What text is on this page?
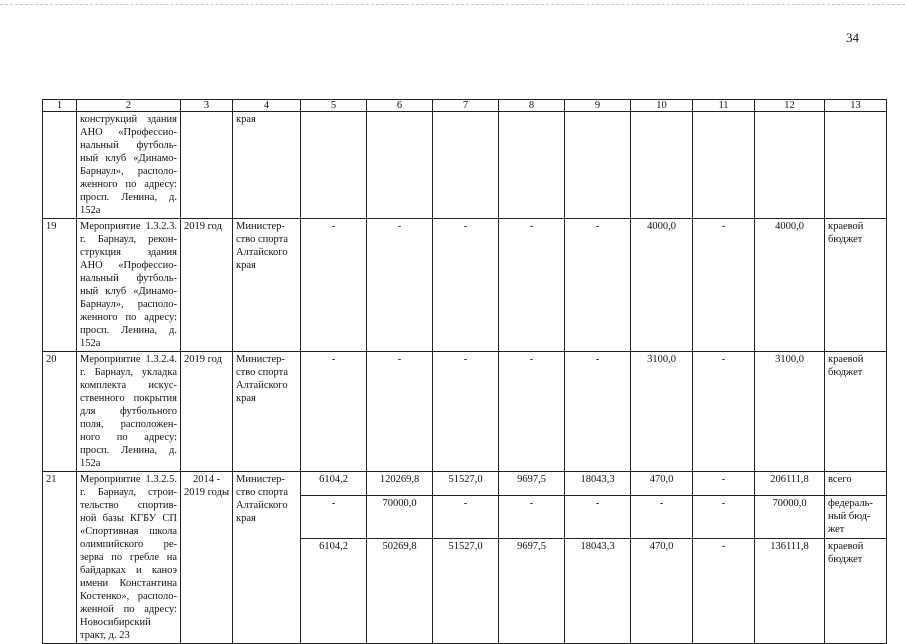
34
1	2	3	4	5	6	7	8	9	10	11	12	13
	конструкций здания АНО «Профессио-нальный футболь-ный клуб «Динамо-Барнаул», располо-женного по адресу: просп. Ленина, д. 152а		края									
19	Мероприятие 1.3.2.3. г. Барнаул, рекон-струкция здания АНО «Профессио-нальный футболь-ный клуб «Динамо-Барнаул», располо-женного по адресу: просп. Ленина, д. 152а	2019 год	Министер-ство спорта Алтайского края	-	-	-	-	-	4000,0	-	4000,0	краевой бюджет
20	Мероприятие 1.3.2.4. г. Барнаул, укладка комплекта искус-ственного покрытия для футбольного поля, расположен-ного по адресу: просп. Ленина, д. 152а	2019 год	Министер-ство спорта Алтайского края	-	-	-	-	-	3100,0	-	3100,0	краевой бюджет
21	Мероприятие 1.3.2.5. г. Барнаул, строи-тельство спортив-ной базы КГБУ СП «Спортивная школа олимпийского ре-зерва по гребле на байдарках и каноэ имени Константина Костенко», располо-женной по адресу: Новосибирский тракт, д. 23	2014 - 2019 годы	Министер-ство спорта Алтайского края	6104,2	120269,8	51527,0	9697,5	18043,3	470,0	-	206111,8	всего
				-	70000,0	-	-	-	-	-	70000,0	федераль-ный бюд-жет
				6104,2	50269,8	51527,0	9697,5	18043,3	470,0	-	136111,8	краевой бюджет
